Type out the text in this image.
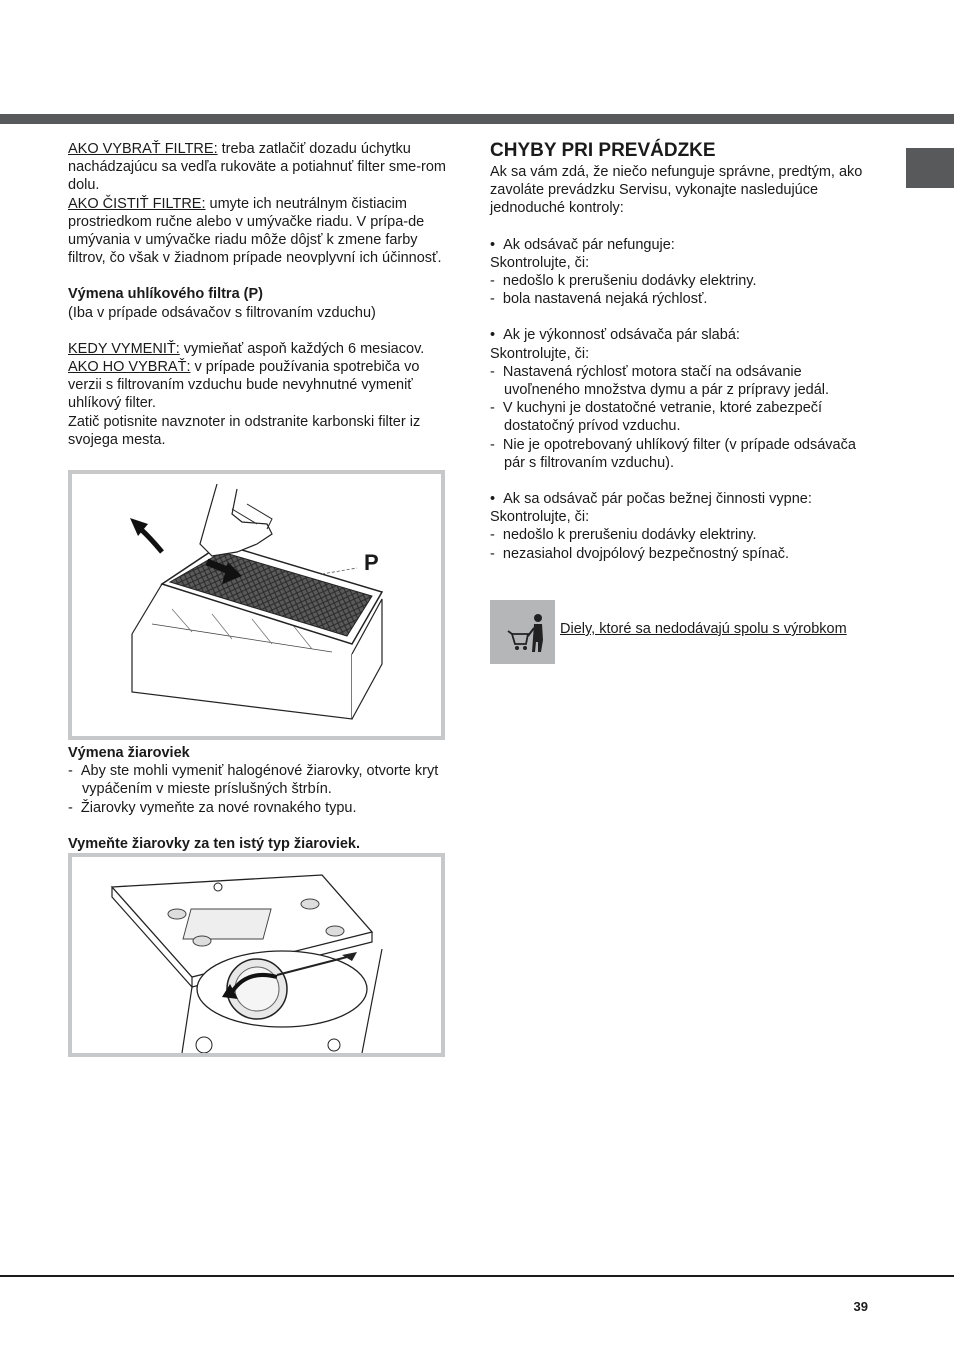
AKO VYBRAŤ FILTRE: treba zatlačiť dozadu úchytku nachádzajúcu sa vedľa rukoväte a potiahnuť filter sme-rom dolu.

AKO ČISTIŤ FILTRE: umyte ich neutrálnym čistiacim prostriedkom ručne alebo v umývačke riadu. V prípa-de umývania v umývačke riadu môže dôjsť k zmene farby filtrov, čo však v žiadnom prípade neovplyvní ich účinnosť.

Výmena uhlíkového filtra (P)

(Iba v prípade odsávačov s filtrovaním vzduchu)

KEDY VYMENIŤ: vymieňať aspoň každých 6 mesiacov.

AKO HO VYBRAŤ: v prípade používania spotrebiča vo verzii s filtrovaním vzduchu bude nevyhnutné vymeniť uhlíkový filter.

Zatič potisnite navznoter in odstranite karbonski filter iz svojega mesta.

P

Výmena žiaroviek

-  Aby ste mohli vymeniť halogénové žiarovky, otvorte kryt vypáčením v mieste príslušných štrbín.

-  Žiarovky vymeňte za nové rovnakého typu.

Vymeňte žiarovky za ten istý typ žiaroviek.

CHYBY PRI PREVÁDZKE

Ak sa vám zdá, že niečo nefunguje správne, predtým, ako zavoláte prevádzku Servisu, vykonajte nasledujúce jednoduché kontroly:

•  Ak odsávač pár nefunguje:

Skontrolujte, či:

-  nedošlo k prerušeniu dodávky elektriny.

-  bola nastavená nejaká rýchlosť.

•  Ak je výkonnosť odsávača pár slabá:

Skontrolujte, či:

-  Nastavená rýchlosť motora stačí na odsávanie uvoľneného množstva dymu a pár z prípravy jedál.

-  V kuchyni je dostatočné vetranie, ktoré zabezpečí dostatočný prívod vzduchu.

-  Nie je opotrebovaný uhlíkový filter (v prípade odsávača pár s filtrovaním vzduchu).

•  Ak sa odsávač pár počas bežnej činnosti vypne:

Skontrolujte, či:

-  nedošlo k prerušeniu dodávky elektriny.

-  nezasiahol dvojpólový bezpečnostný spínač.

Diely, ktoré sa nedodávajú spolu s výrobkom
39
